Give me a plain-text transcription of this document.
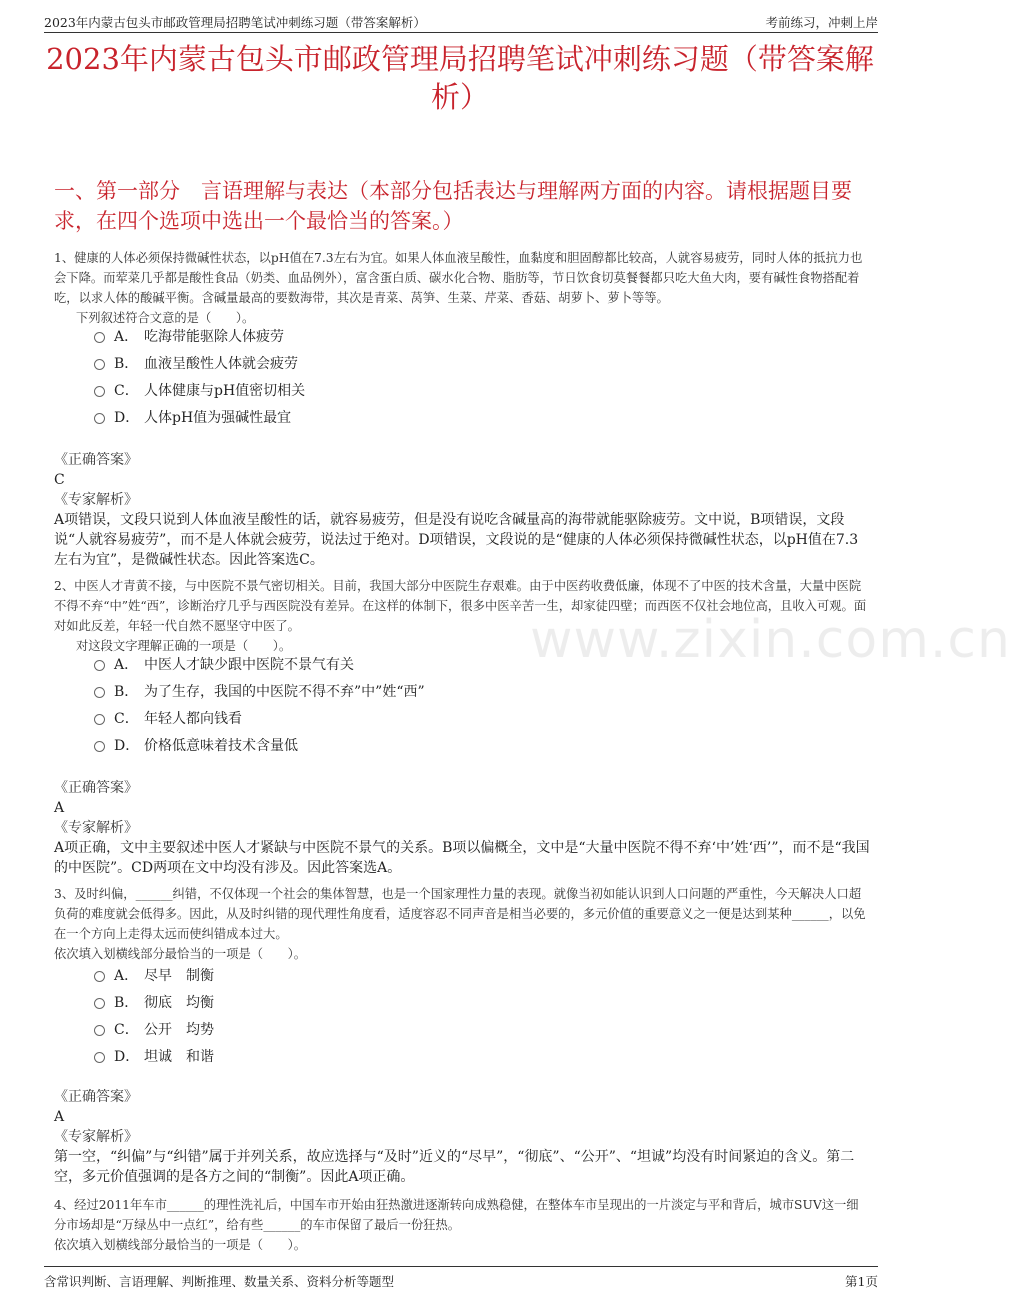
2023年内蒙古包头市邮政管理局招聘笔试冲刺练习题（带答案解析）	考前练习，冲刺上岸
2023年内蒙古包头市邮政管理局招聘笔试冲刺练习题（带答案解析）
一、第一部分　言语理解与表达（本部分包括表达与理解两方面的内容。请根据题目要求，在四个选项中选出一个最恰当的答案。）
www.zixin.com.cn
1、健康的人体必须保持微碱性状态，以pH值在7.3左右为宜。如果人体血液呈酸性，血黏度和胆固醇都比较高，人就容易疲劳，同时人体的抵抗力也会下降。而荤菜几乎都是酸性食品（奶类、血品例外），富含蛋白质、碳水化合物、脂肪等，节日饮食切莫餐餐都只吃大鱼大肉，要有碱性食物搭配着吃，以求人体的酸碱平衡。含碱量最高的要数海带，其次是青菜、莴笋、生菜、芹菜、香菇、胡萝卜、萝卜等等。
下列叙述符合文意的是（　　）。
A． 吃海带能驱除人体疲劳
B． 血液呈酸性人体就会疲劳
C． 人体健康与pH值密切相关
D． 人体pH值为强碱性最宜

《正确答案》

C

《专家解析》

A项错误，文段只说到人体血液呈酸性的话，就容易疲劳，但是没有说吃含碱量高的海带就能驱除疲劳。文中说，B项错误，文段说“人就容易疲劳”，而不是人体就会疲劳，说法过于绝对。D项错误，文段说的是“健康的人体必须保持微碱性状态，以pH值在7.3左右为宜”，是微碱性状态。因此答案选C。

2、中医人才青黄不接，与中医院不景气密切相关。目前，我国大部分中医院生存艰难。由于中医药收费低廉，体现不了中医的技术含量，大量中医院不得不弃“中”姓“西”，诊断治疗几乎与西医院没有差异。在这样的体制下，很多中医辛苦一生，却家徒四壁；而西医不仅社会地位高，且收入可观。面对如此反差，年轻一代自然不愿坚守中医了。
对这段文字理解正确的一项是（　　）。
A． 中医人才缺少跟中医院不景气有关
B． 为了生存，我国的中医院不得不弃”中”姓“西”
C． 年轻人都向钱看
D． 价格低意味着技术含量低

《正确答案》

A

《专家解析》

A项正确，文中主要叙述中医人才紧缺与中医院不景气的关系。B项以偏概全，文中是“大量中医院不得不弃‘中’姓‘西’”，而不是“我国的中医院”。CD两项在文中均没有涉及。因此答案选A。

3、及时纠偏，______纠错，不仅体现一个社会的集体智慧，也是一个国家理性力量的表现。就像当初如能认识到人口问题的严重性，今天解决人口超负荷的难度就会低得多。因此，从及时纠错的现代理性角度看，适度容忍不同声音是相当必要的，多元价值的重要意义之一便是达到某种______，以免在一个方向上走得太远而使纠错成本过大。
依次填入划横线部分最恰当的一项是（　　）。
A． 尽早　制衡
B． 彻底　均衡
C． 公开　均势
D． 坦诚　和谐

《正确答案》

A

《专家解析》

第一空，“纠偏”与“纠错”属于并列关系，故应选择与“及时”近义的“尽早”，“彻底”、“公开”、“坦诚”均没有时间紧迫的含义。第二空，多元价值强调的是各方之间的“制衡”。因此A项正确。

4、经过2011年车市______的理性洗礼后，中国车市开始由狂热激进逐渐转向成熟稳健，在整体车市呈现出的一片淡定与平和背后，城市SUV这一细分市场却是“万绿丛中一点红”，给有些______的车市保留了最后一份狂热。
依次填入划横线部分最恰当的一项是（　　）。
含常识判断、言语理解、判断推理、数量关系、资料分析等题型	第1页
